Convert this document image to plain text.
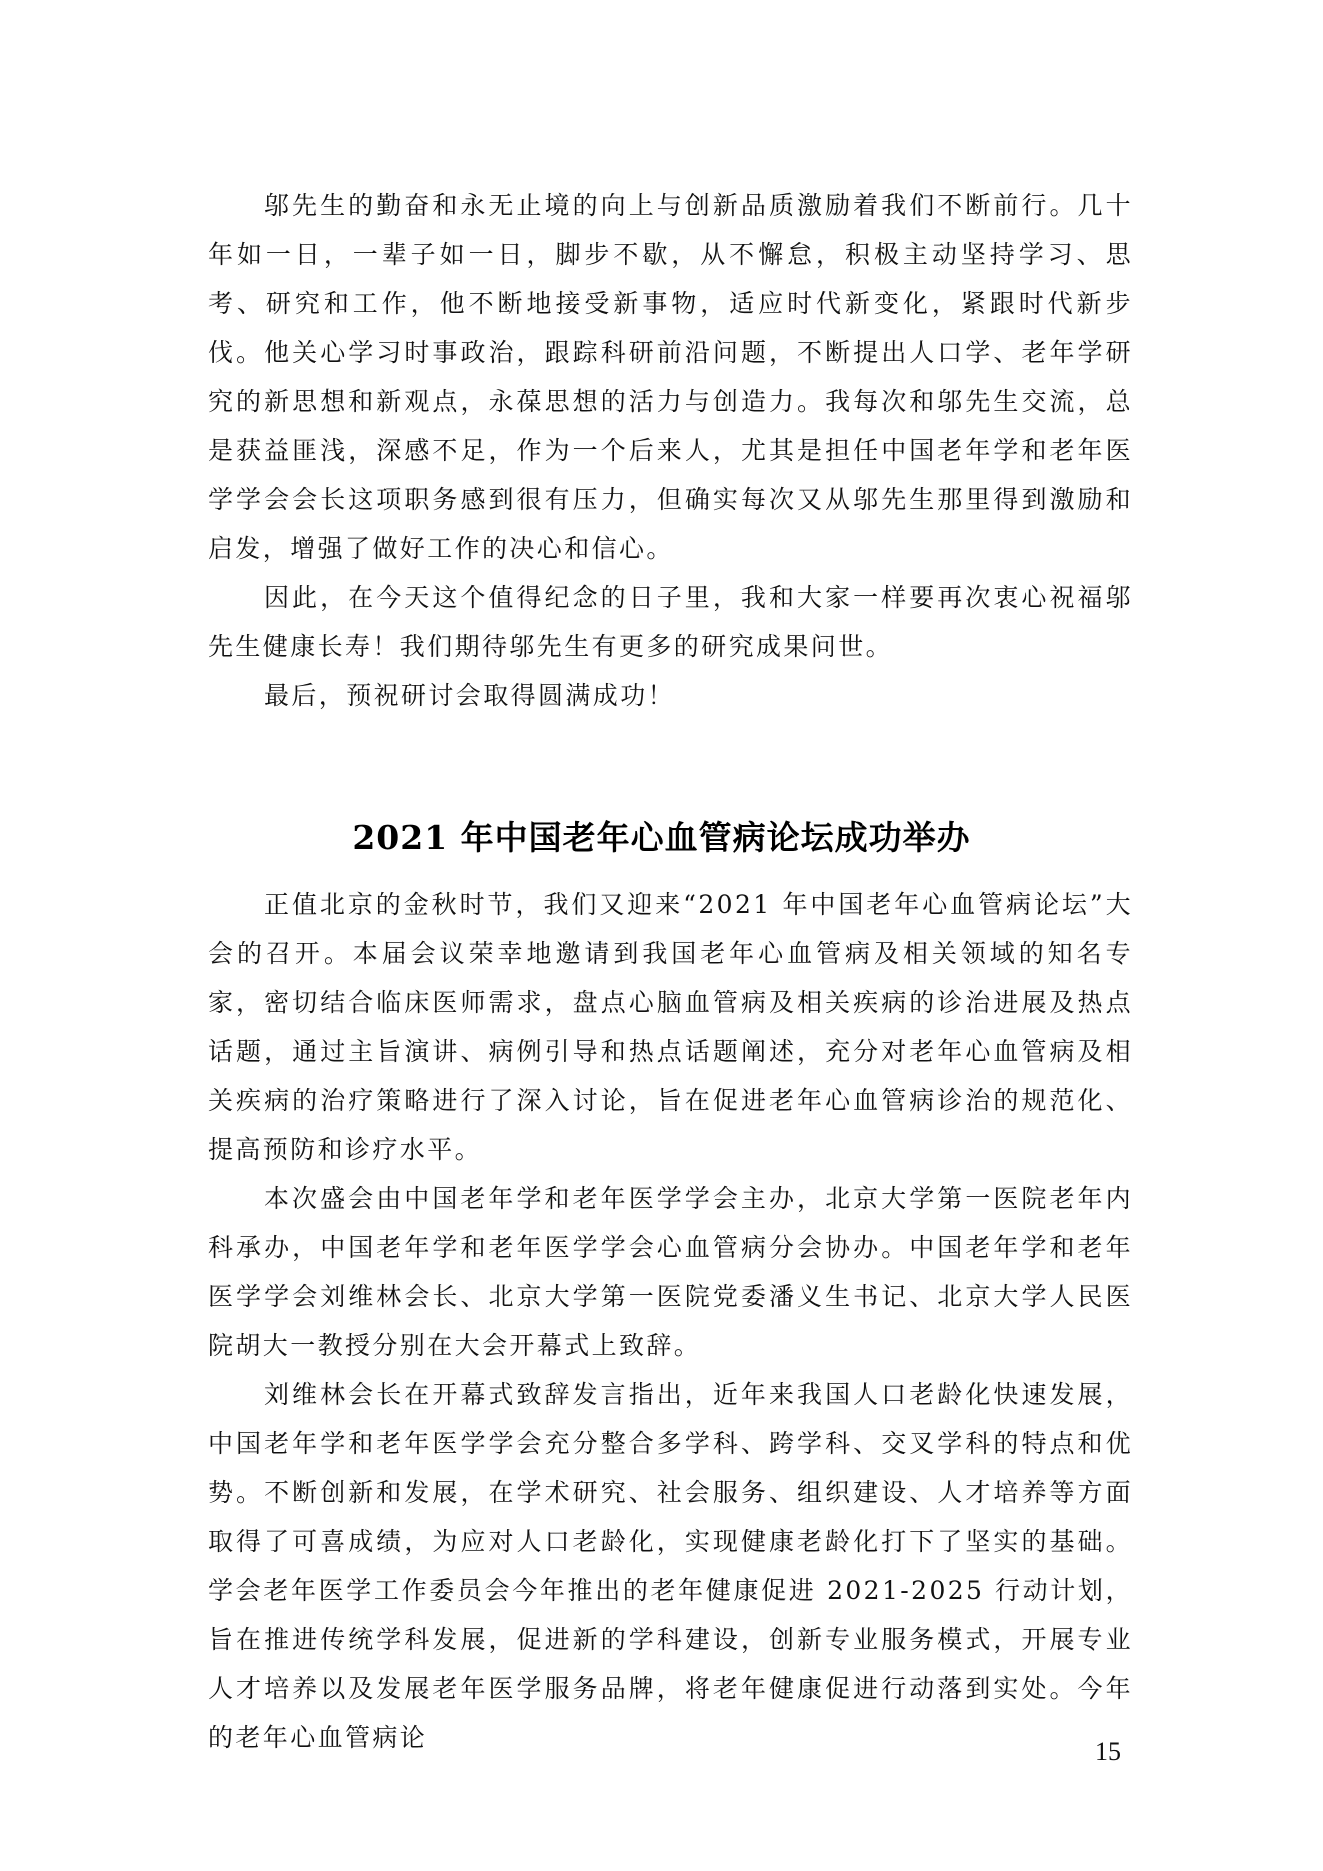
邬先生的勤奋和永无止境的向上与创新品质激励着我们不断前行。几十年如一日，一辈子如一日，脚步不歇，从不懈怠，积极主动坚持学习、思考、研究和工作，他不断地接受新事物，适应时代新变化，紧跟时代新步伐。他关心学习时事政治，跟踪科研前沿问题，不断提出人口学、老年学研究的新思想和新观点，永葆思想的活力与创造力。我每次和邬先生交流，总是获益匪浅，深感不足，作为一个后来人，尤其是担任中国老年学和老年医学学会会长这项职务感到很有压力，但确实每次又从邬先生那里得到激励和启发，增强了做好工作的决心和信心。

因此，在今天这个值得纪念的日子里，我和大家一样要再次衷心祝福邬先生健康长寿！我们期待邬先生有更多的研究成果问世。

最后，预祝研讨会取得圆满成功！

2021 年中国老年心血管病论坛成功举办

正值北京的金秋时节，我们又迎来“2021 年中国老年心血管病论坛”大会的召开。本届会议荣幸地邀请到我国老年心血管病及相关领域的知名专家，密切结合临床医师需求，盘点心脑血管病及相关疾病的诊治进展及热点话题，通过主旨演讲、病例引导和热点话题阐述，充分对老年心血管病及相关疾病的治疗策略进行了深入讨论，旨在促进老年心血管病诊治的规范化、提高预防和诊疗水平。

本次盛会由中国老年学和老年医学学会主办，北京大学第一医院老年内科承办，中国老年学和老年医学学会心血管病分会协办。中国老年学和老年医学学会刘维林会长、北京大学第一医院党委潘义生书记、北京大学人民医院胡大一教授分别在大会开幕式上致辞。

刘维林会长在开幕式致辞发言指出，近年来我国人口老龄化快速发展，中国老年学和老年医学学会充分整合多学科、跨学科、交叉学科的特点和优势。不断创新和发展，在学术研究、社会服务、组织建设、人才培养等方面取得了可喜成绩，为应对人口老龄化，实现健康老龄化打下了坚实的基础。学会老年医学工作委员会今年推出的老年健康促进 2021-2025 行动计划，旨在推进传统学科发展，促进新的学科建设，创新专业服务模式，开展专业人才培养以及发展老年医学服务品牌，将老年健康促进行动落到实处。今年的老年心血管病论	15
